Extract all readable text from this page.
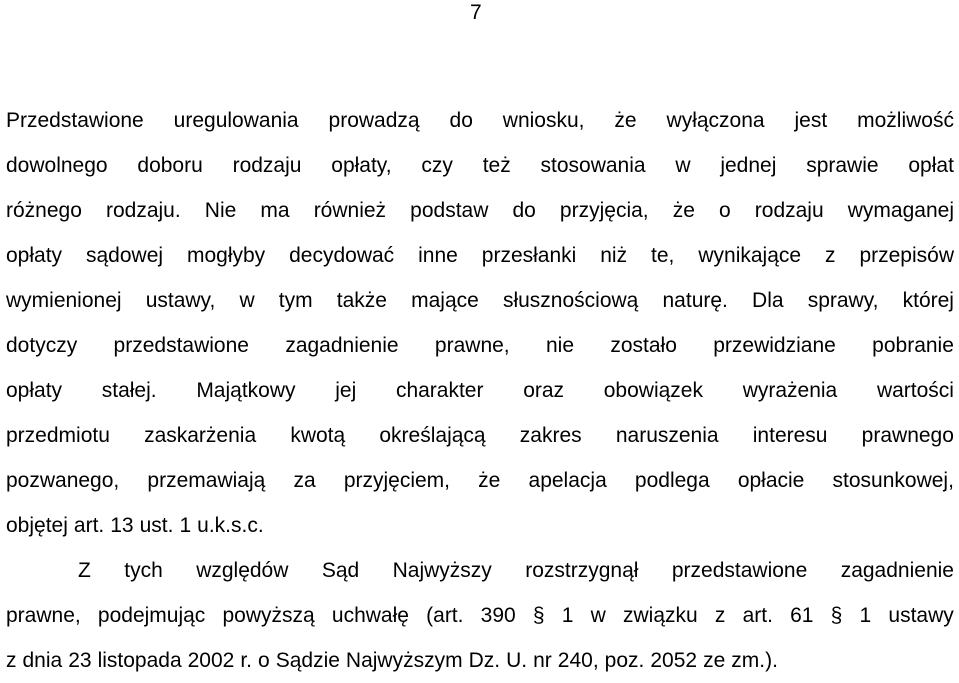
7
Przedstawione uregulowania prowadzą do wniosku, że wyłączona jest możliwość
dowolnego doboru rodzaju opłaty, czy też stosowania w jednej sprawie opłat
różnego rodzaju. Nie ma również podstaw do przyjęcia, że o rodzaju wymaganej
opłaty sądowej mogłyby decydować inne przesłanki niż te, wynikające z przepisów
wymienionej ustawy, w tym także mające słusznościową naturę. Dla sprawy, której
dotyczy przedstawione zagadnienie prawne, nie zostało przewidziane pobranie
opłaty stałej. Majątkowy jej charakter oraz obowiązek wyrażenia wartości
przedmiotu zaskarżenia kwotą określającą zakres naruszenia interesu prawnego
pozwanego, przemawiają za przyjęciem, że apelacja podlega opłacie stosunkowej,
objętej art. 13 ust. 1 u.k.s.c.
Z tych względów Sąd Najwyższy rozstrzygnął przedstawione zagadnienie
prawne, podejmując powyższą uchwałę (art. 390 § 1 w związku z art. 61 § 1 ustawy
z dnia 23 listopada 2002 r. o Sądzie Najwyższym Dz. U. nr 240, poz. 2052 ze zm.).
